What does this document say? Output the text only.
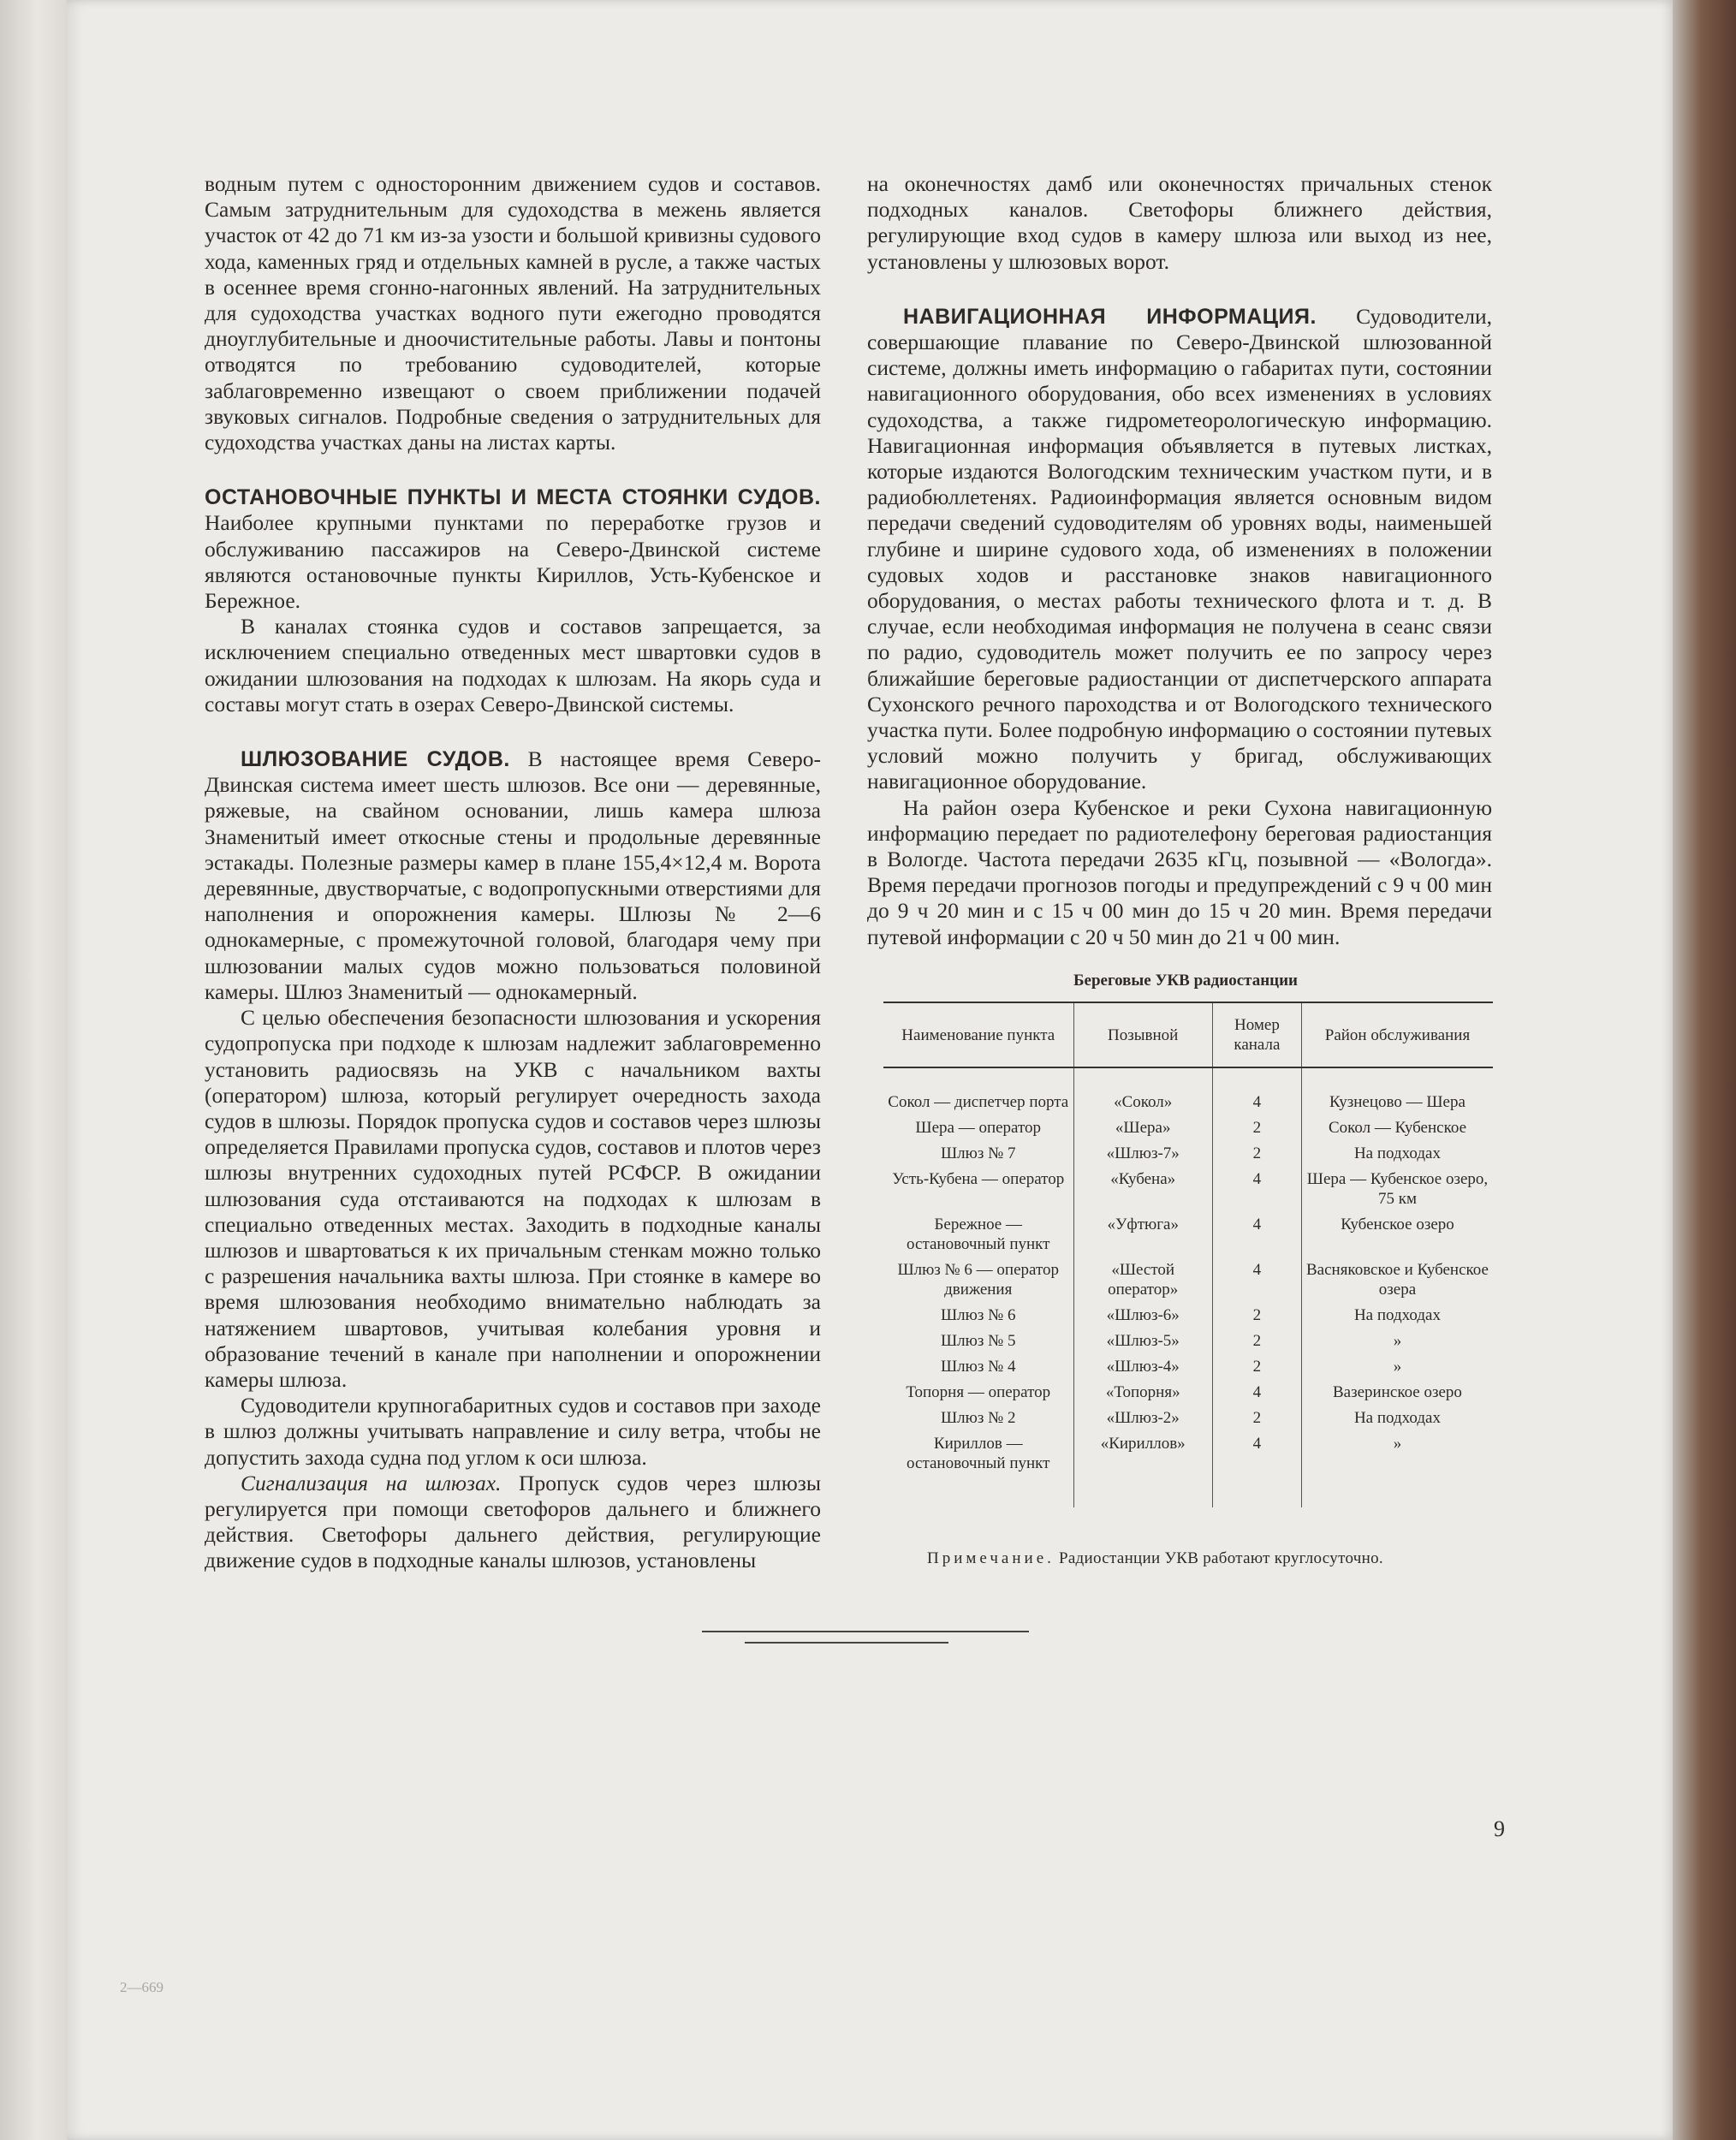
водным путем с односторонним движением судов и составов. Самым затруднительным для судоходства в межень является участок от 42 до 71 км из-за узости и большой кривизны судового хода, каменных гряд и отдельных камней в русле, а также частых в осеннее время сгонно-нагонных явлений. На затруднительных для судоходства участках водного пути ежегодно проводятся дноуглубительные и дноочистительные работы. Лавы и понтоны отводятся по требованию судоводителей, которые заблаговременно извещают о своем приближении подачей звуковых сигналов. Подробные сведения о затруднительных для судоходства участках даны на листах карты.

ОСТАНОВОЧНЫЕ ПУНКТЫ И МЕСТА СТОЯНКИ СУДОВ. Наиболее крупными пунктами по переработке грузов и обслуживанию пассажиров на Северо-Двинской системе являются остановочные пункты Кириллов, Усть-Кубенское и Бережное.

В каналах стоянка судов и составов запрещается, за исключением специально отведенных мест швартовки судов в ожидании шлюзования на подходах к шлюзам. На якорь суда и составы могут стать в озерах Северо-Двинской системы.

ШЛЮЗОВАНИЕ СУДОВ. В настоящее время Северо-Двинская система имеет шесть шлюзов. Все они — деревянные, ряжевые, на свайном основании, лишь камера шлюза Знаменитый имеет откосные стены и продольные деревянные эстакады. Полезные размеры камер в плане 155,4×12,4 м. Ворота деревянные, двустворчатые, с водопропускными отверстиями для наполнения и опорожнения камеры. Шлюзы № 2—6 однокамерные, с промежуточной головой, благодаря чему при шлюзовании малых судов можно пользоваться половиной камеры. Шлюз Знаменитый — однокамерный.

С целью обеспечения безопасности шлюзования и ускорения судопропуска при подходе к шлюзам надлежит заблаговременно установить радиосвязь на УКВ с начальником вахты (оператором) шлюза, который регулирует очередность захода судов в шлюзы. Порядок пропуска судов и составов через шлюзы определяется Правилами пропуска судов, составов и плотов через шлюзы внутренних судоходных путей РСФСР. В ожидании шлюзования суда отстаиваются на подходах к шлюзам в специально отведенных местах. Заходить в подходные каналы шлюзов и швартоваться к их причальным стенкам можно только с разрешения начальника вахты шлюза. При стоянке в камере во время шлюзования необходимо внимательно наблюдать за натяжением швартовов, учитывая колебания уровня и образование течений в канале при наполнении и опорожнении камеры шлюза.

Судоводители крупногабаритных судов и составов при заходе в шлюз должны учитывать направление и силу ветра, чтобы не допустить захода судна под углом к оси шлюза.

Сигнализация на шлюзах. Пропуск судов через шлюзы регулируется при помощи светофоров дальнего и ближнего действия. Светофоры дальнего действия, регулирующие движение судов в подходные каналы шлюзов, установлены

на оконечностях дамб или оконечностях причальных стенок подходных каналов. Светофоры ближнего действия, регулирующие вход судов в камеру шлюза или выход из нее, установлены у шлюзовых ворот.

НАВИГАЦИОННАЯ ИНФОРМАЦИЯ. Судоводители, совершающие плавание по Северо-Двинской шлюзованной системе, должны иметь информацию о габаритах пути, состоянии навигационного оборудования, обо всех изменениях в условиях судоходства, а также гидрометеорологическую информацию. Навигационная информация объявляется в путевых листках, которые издаются Вологодским техническим участком пути, и в радиобюллетенях. Радиоинформация является основным видом передачи сведений судоводителям об уровнях воды, наименьшей глубине и ширине судового хода, об изменениях в положении судовых ходов и расстановке знаков навигационного оборудования, о местах работы технического флота и т. д. В случае, если необходимая информация не получена в сеанс связи по радио, судоводитель может получить ее по запросу через ближайшие береговые радиостанции от диспетчерского аппарата Сухонского речного пароходства и от Вологодского технического участка пути. Более подробную информацию о состоянии путевых условий можно получить у бригад, обслуживающих навигационное оборудование.

На район озера Кубенское и реки Сухона навигационную информацию передает по радиотелефону береговая радиостанция в Вологде. Частота передачи 2635 кГц, позывной — «Вологда». Время передачи прогнозов погоды и предупреждений с 9 ч 00 мин до 9 ч 20 мин и с 15 ч 00 мин до 15 ч 20 мин. Время передачи путевой информации с 20 ч 50 мин до 21 ч 00 мин.

Береговые УКВ радиостанции
Наименование пункта	Позывной	Номер канала	Район обслуживания
Сокол — диспетчер порта	«Сокол»	4	Кузнецово — Шера
Шера — оператор	«Шера»	2	Сокол — Кубенское
Шлюз № 7	«Шлюз-7»	2	На подходах
Усть-Кубена — оператор	«Кубена»	4	Шера — Кубенское озеро, 75 км
Бережное — остановочный пункт	«Уфтюга»	4	Кубенское озеро
Шлюз № 6 — оператор движения	«Шестой оператор»	4	Васняковское и Кубенское озера
Шлюз № 6	«Шлюз-6»	2	На подходах
Шлюз № 5	«Шлюз-5»	2	»
Шлюз № 4	«Шлюз-4»	2	»
Топорня — оператор	«Топорня»	4	Вазеринское озеро
Шлюз № 2	«Шлюз-2»	2	На подходах
Кириллов — остановочный пункт	«Кириллов»	4	»
Примечание. Радиостанции УКВ работают круглосуточно.
9
2—669
